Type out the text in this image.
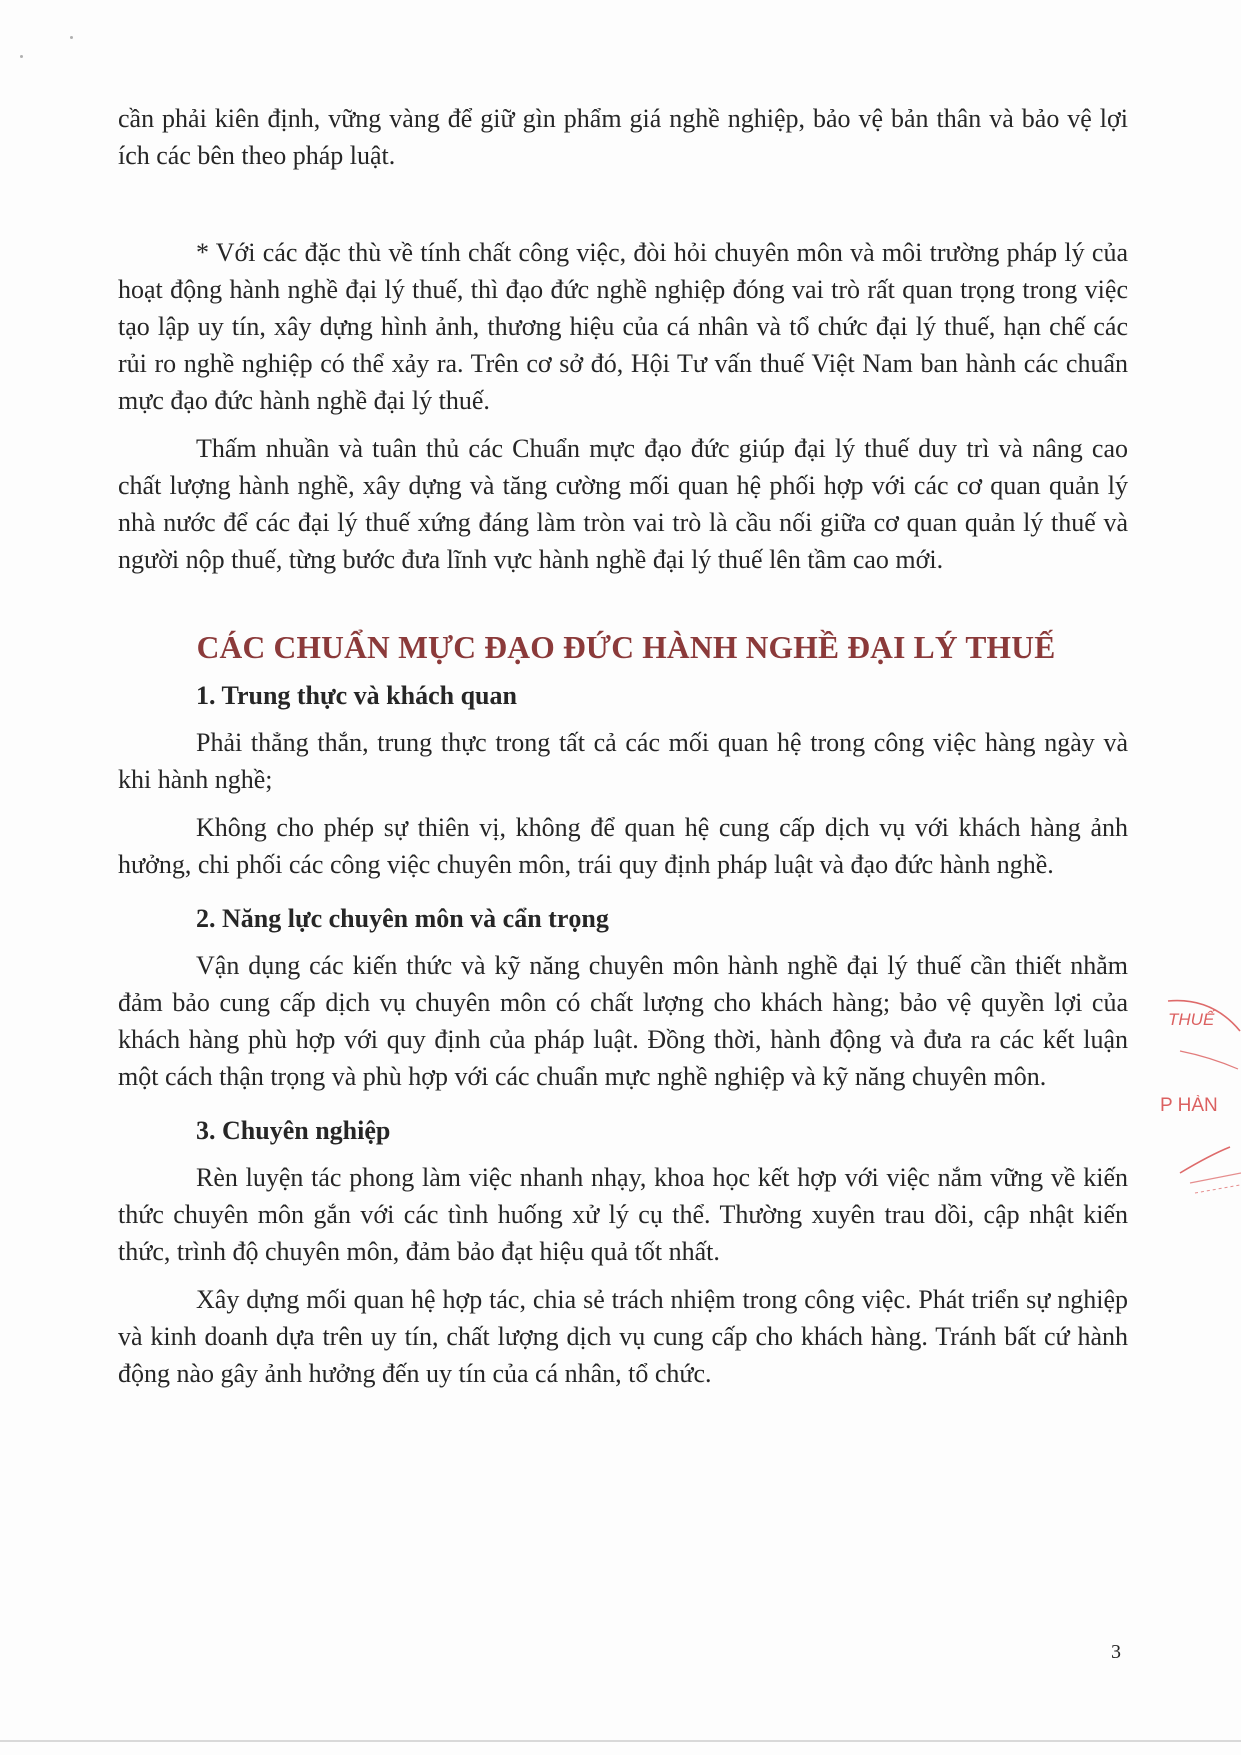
cần phải kiên định, vững vàng để giữ gìn phẩm giá nghề nghiệp, bảo vệ bản thân và bảo vệ lợi ích các bên theo pháp luật.

* Với các đặc thù về tính chất công việc, đòi hỏi chuyên môn và môi trường pháp lý của hoạt động hành nghề đại lý thuế, thì đạo đức nghề nghiệp đóng vai trò rất quan trọng trong việc tạo lập uy tín, xây dựng hình ảnh, thương hiệu của cá nhân và tổ chức đại lý thuế, hạn chế các rủi ro nghề nghiệp có thể xảy ra. Trên cơ sở đó, Hội Tư vấn thuế Việt Nam ban hành các chuẩn mực đạo đức hành nghề đại lý thuế.

Thấm nhuần và tuân thủ các Chuẩn mực đạo đức giúp đại lý thuế duy trì và nâng cao chất lượng hành nghề, xây dựng và tăng cường mối quan hệ phối hợp với các cơ quan quản lý nhà nước để các đại lý thuế xứng đáng làm tròn vai trò là cầu nối giữa cơ quan quản lý thuế và người nộp thuế, từng bước đưa lĩnh vực hành nghề đại lý thuế lên tầm cao mới.

CÁC CHUẨN MỰC ĐẠO ĐỨC HÀNH NGHỀ ĐẠI LÝ THUẾ
1. Trung thực và khách quan

Phải thẳng thắn, trung thực trong tất cả các mối quan hệ trong công việc hàng ngày và khi hành nghề;

Không cho phép sự thiên vị, không để quan hệ cung cấp dịch vụ với khách hàng ảnh hưởng, chi phối các công việc chuyên môn, trái quy định pháp luật và đạo đức hành nghề.

2. Năng lực chuyên môn và cẩn trọng

Vận dụng các kiến thức và kỹ năng chuyên môn hành nghề đại lý thuế cần thiết nhằm đảm bảo cung cấp dịch vụ chuyên môn có chất lượng cho khách hàng; bảo vệ quyền lợi của khách hàng phù hợp với quy định của pháp luật. Đồng thời, hành động và đưa ra các kết luận một cách thận trọng và phù hợp với các chuẩn mực nghề nghiệp và kỹ năng chuyên môn.

3. Chuyên nghiệp

Rèn luyện tác phong làm việc nhanh nhạy, khoa học kết hợp với việc nắm vững về kiến thức chuyên môn gắn với các tình huống xử lý cụ thể. Thường xuyên trau dồi, cập nhật kiến thức, trình độ chuyên môn, đảm bảo đạt hiệu quả tốt nhất.

Xây dựng mối quan hệ hợp tác, chia sẻ trách nhiệm trong công việc. Phát triển sự nghiệp và kinh doanh dựa trên uy tín, chất lượng dịch vụ cung cấp cho khách hàng. Tránh bất cứ hành động nào gây ảnh hưởng đến uy tín của cá nhân, tổ chức.

THUẾ
P HÀN
3
